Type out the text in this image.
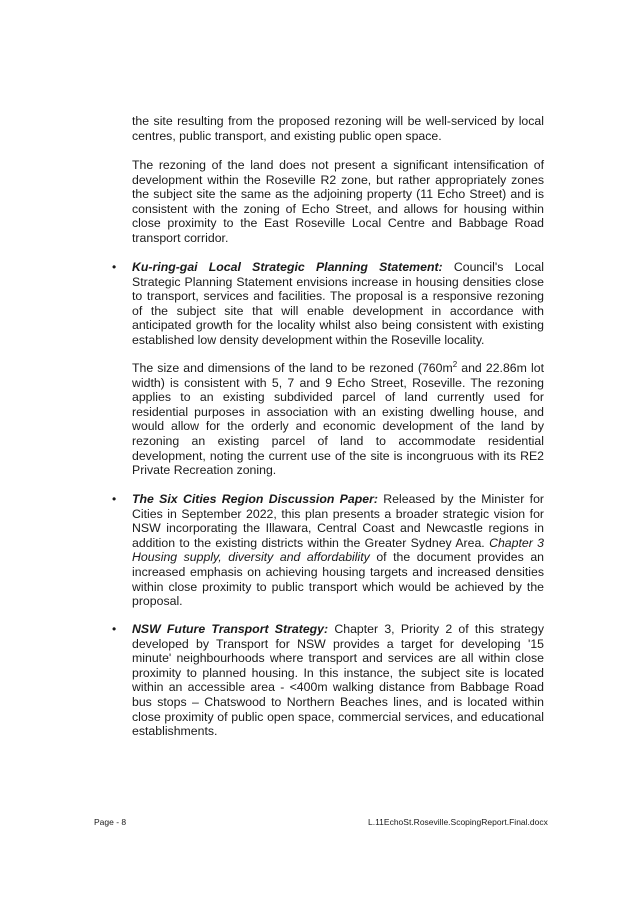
the site resulting from the proposed rezoning will be well-serviced by local centres, public transport, and existing public open space.

The rezoning of the land does not present a significant intensification of development within the Roseville R2 zone, but rather appropriately zones the subject site the same as the adjoining property (11 Echo Street) and is consistent with the zoning of Echo Street, and allows for housing within close proximity to the East Roseville Local Centre and Babbage Road transport corridor.

• Ku-ring-gai Local Strategic Planning Statement: Council's Local Strategic Planning Statement envisions increase in housing densities close to transport, services and facilities. The proposal is a responsive rezoning of the subject site that will enable development in accordance with anticipated growth for the locality whilst also being consistent with existing established low density development within the Roseville locality.

The size and dimensions of the land to be rezoned ($760m^2$ and 22.86m lot width) is consistent with 5, 7 and 9 Echo Street, Roseville. The rezoning applies to an existing subdivided parcel of land currently used for residential purposes in association with an existing dwelling house, and would allow for the orderly and economic development of the land by rezoning an existing parcel of land to accommodate residential development, noting the current use of the site is incongruous with its RE2 Private Recreation zoning.

• The Six Cities Region Discussion Paper: Released by the Minister for Cities in September 2022, this plan presents a broader strategic vision for NSW incorporating the Illawara, Central Coast and Newcastle regions in addition to the existing districts within the Greater Sydney Area. Chapter 3 Housing supply, diversity and affordability of the document provides an increased emphasis on achieving housing targets and increased densities within close proximity to public transport which would be achieved by the proposal.

• NSW Future Transport Strategy: Chapter 3, Priority 2 of this strategy developed by Transport for NSW provides a target for developing '15 minute' neighbourhoods where transport and services are all within close proximity to planned housing. In this instance, the subject site is located within an accessible area - <400m walking distance from Babbage Road bus stops – Chatswood to Northern Beaches lines, and is located within close proximity of public open space, commercial services, and educational establishments.

Page - 8	L.11EchoSt.Roseville.ScopingReport.Final.docx
